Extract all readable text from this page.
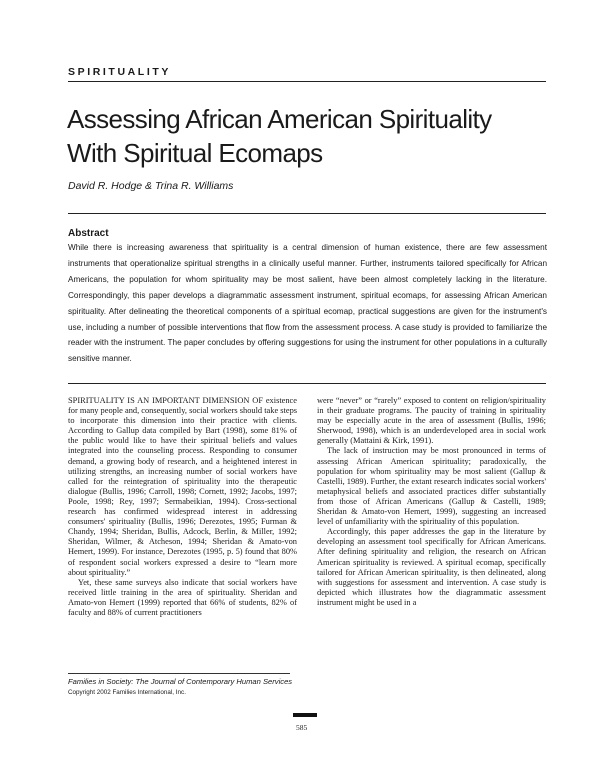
SPIRITUALITY

Assessing African American Spirituality With Spiritual Ecomaps

David R. Hodge & Trina R. Williams

Abstract

While there is increasing awareness that spirituality is a central dimension of human existence, there are few assessment instruments that operationalize spiritual strengths in a clinically useful manner. Further, instruments tailored specifically for African Americans, the population for whom spirituality may be most salient, have been almost completely lacking in the literature. Correspondingly, this paper develops a diagrammatic assessment instrument, spiritual ecomaps, for assessing African American spirituality. After delineating the theoretical components of a spiritual ecomap, practical suggestions are given for the instrument's use, including a number of possible interventions that flow from the assessment process. A case study is provided to familiarize the reader with the instrument. The paper concludes by offering suggestions for using the instrument for other populations in a culturally sensitive manner.

SPIRITUALITY IS AN IMPORTANT DIMENSION OF existence for many people and, consequently, social workers should take steps to incorporate this dimension into their practice with clients. According to Gallup data compiled by Bart (1998), some 81% of the public would like to have their spiritual beliefs and values integrated into the counseling process. Responding to consumer demand, a growing body of research, and a heightened interest in utilizing strengths, an increasing number of social workers have called for the reintegration of spirituality into the therapeutic dialogue (Bullis, 1996; Carroll, 1998; Cornett, 1992; Jacobs, 1997; Poole, 1998; Rey, 1997; Sermabeikian, 1994). Cross-sectional research has confirmed widespread interest in addressing consumers' spirituality (Bullis, 1996; Derezotes, 1995; Furman & Chandy, 1994; Sheridan, Bullis, Adcock, Berlin, & Miller, 1992; Sheridan, Wilmer, & Atcheson, 1994; Sheridan & Amato-von Hemert, 1999). For instance, Derezotes (1995, p. 5) found that 80% of respondent social workers expressed a desire to “learn more about spirituality.”

Yet, these same surveys also indicate that social workers have received little training in the area of spirituality. Sheridan and Amato-von Hemert (1999) reported that 66% of students, 82% of faculty and 88% of current practitioners

were “never” or “rarely” exposed to content on religion/spirituality in their graduate programs. The paucity of training in spirituality may be especially acute in the area of assessment (Bullis, 1996; Sherwood, 1998), which is an underdeveloped area in social work generally (Mattaini & Kirk, 1991).

The lack of instruction may be most pronounced in terms of assessing African American spirituality; paradoxically, the population for whom spirituality may be most salient (Gallup & Castelli, 1989). Further, the extant research indicates social workers' metaphysical beliefs and associated practices differ substantially from those of African Americans (Gallup & Castelli, 1989; Sheridan & Amato-von Hemert, 1999), suggesting an increased level of unfamiliarity with the spirituality of this population.

Accordingly, this paper addresses the gap in the literature by developing an assessment tool specifically for African Americans. After defining spirituality and religion, the research on African American spirituality is reviewed. A spiritual ecomap, specifically tailored for African American spirituality, is then delineated, along with suggestions for assessment and intervention. A case study is depicted which illustrates how the diagrammatic assessment instrument might be used in a

Families in Society: The Journal of Contemporary Human Services

Copyright 2002 Families International, Inc.

585
